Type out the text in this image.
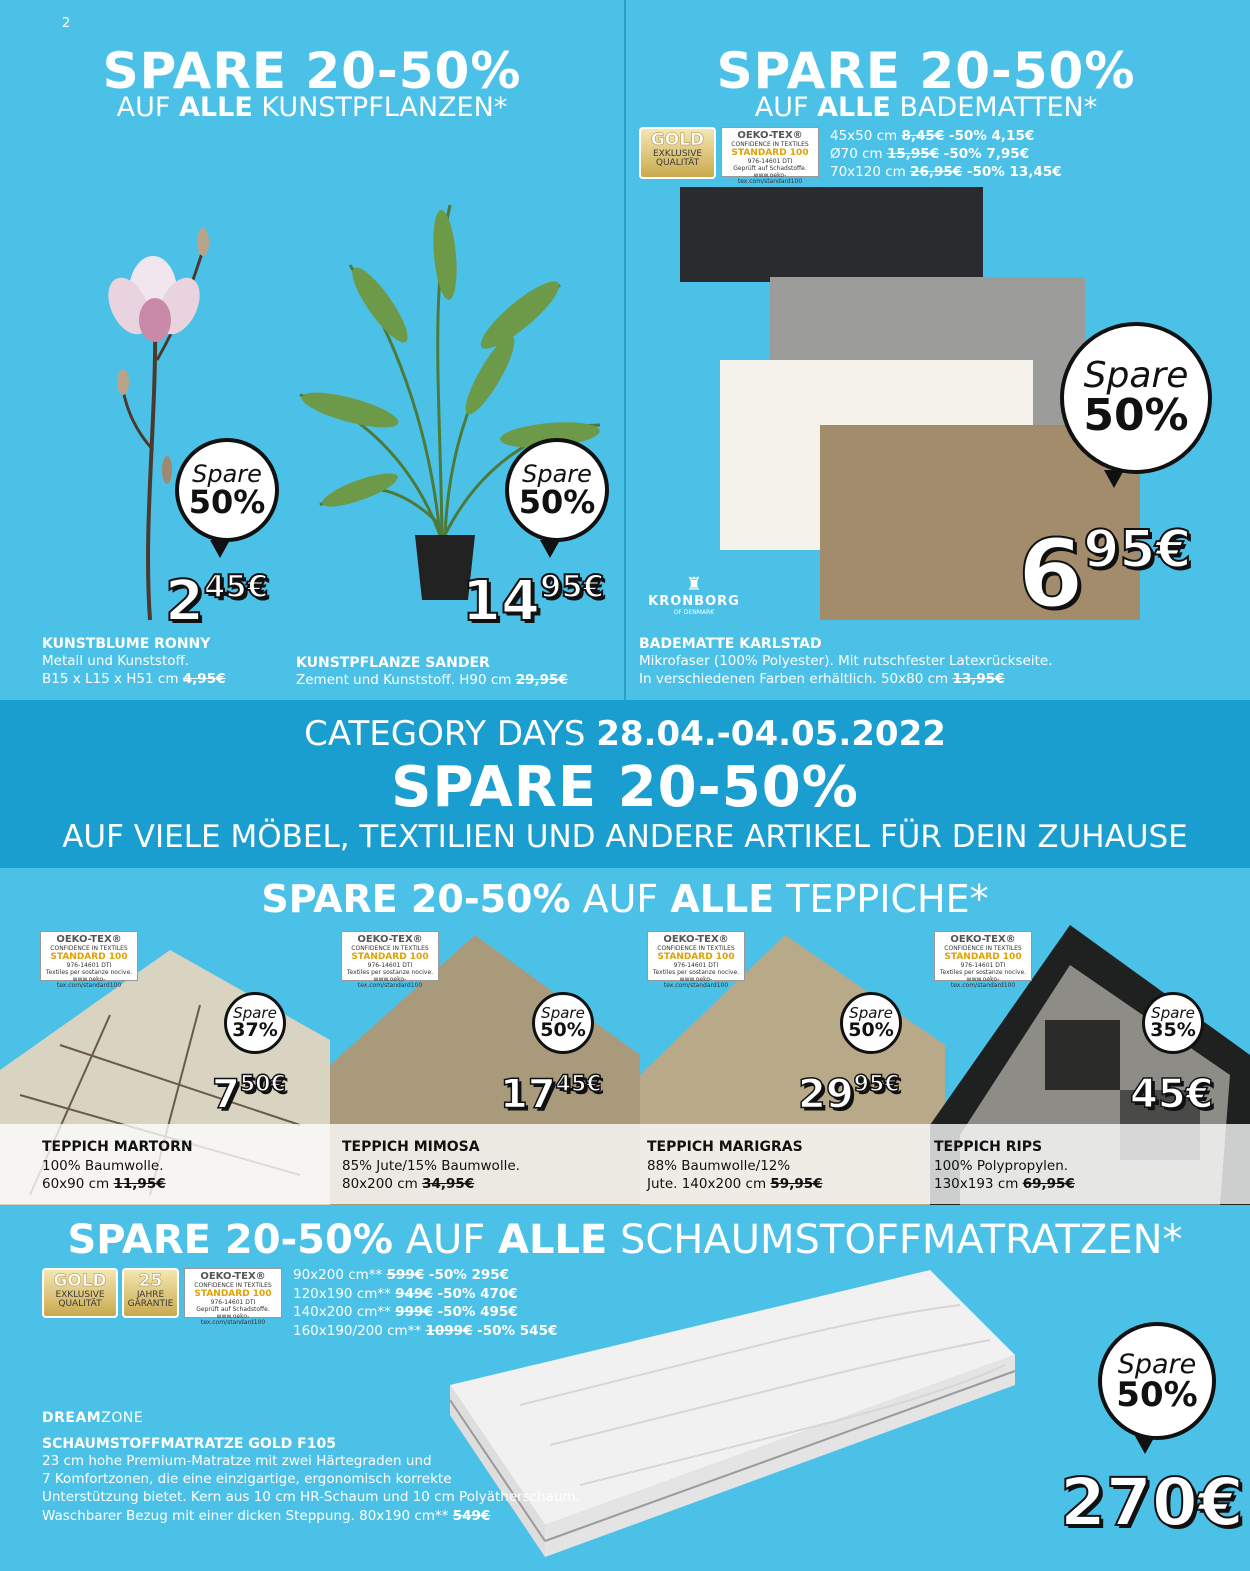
2
SPARE 20-50%
AUF ALLE KUNSTPFLANZEN*
Spare
50%
$2^{45€}$
Spare
50%
$14^{95€}$
KUNSTBLUME RONNY
Metall und Kunststoff.
B15 x L15 x H51 cm 4,95€
KUNSTPFLANZE SANDER
Zement und Kunststoff. H90 cm 29,95€
SPARE 20-50%
AUF ALLE BADEMATTEN*
GOLD
EXKLUSIVE
QUALITÄT
OEKO-TEX®
CONFIDENCE IN TEXTILES
STANDARD 100
976-14601 DTI
Geprüft auf Schadstoffe.
www.oeko-tex.com/standard100
45x50 cm 8,45€ -50% 4,15€
Ø70 cm 15,95€ -50% 7,95€
70x120 cm 26,95€ -50% 13,45€
Spare
50%
$6^{95€}$
♜
KRONBORG
OF DENMARK
BADEMATTE KARLSTAD
Mikrofaser (100% Polyester). Mit rutschfester Latexrückseite.
In verschiedenen Farben erhältlich. 50x80 cm 13,95€
CATEGORY DAYS 28.04.-04.05.2022
SPARE 20-50%
AUF VIELE MÖBEL, TEXTILIEN UND ANDERE ARTIKEL FÜR DEIN ZUHAUSE
SPARE 20-50% AUF ALLE TEPPICHE*
OEKO-TEX®
CONFIDENCE IN TEXTILES
STANDARD 100
976-14601 DTI
Textiles per sostanze nocive.
www.oeko-tex.com/standard100
OEKO-TEX®
CONFIDENCE IN TEXTILES
STANDARD 100
976-14601 DTI
Textiles per sostanze nocive.
www.oeko-tex.com/standard100
OEKO-TEX®
CONFIDENCE IN TEXTILES
STANDARD 100
976-14601 DTI
Textiles per sostanze nocive.
www.oeko-tex.com/standard100
OEKO-TEX®
CONFIDENCE IN TEXTILES
STANDARD 100
976-14601 DTI
Textiles per sostanze nocive.
www.oeko-tex.com/standard100
Spare
37%
Spare
50%
Spare
50%
Spare
35%
$7^{50€}$	$17^{45€}$	$29^{95€}$	45€
TEPPICH MARTORN
100% Baumwolle.
60x90 cm 11,95€
TEPPICH MIMOSA
85% Jute/15% Baumwolle.
80x200 cm 34,95€
TEPPICH MARIGRAS
88% Baumwolle/12%
Jute. 140x200 cm 59,95€
TEPPICH RIPS
100% Polypropylen.
130x193 cm 69,95€
SPARE 20-50% AUF ALLE SCHAUMSTOFFMATRATZEN*
GOLD
EXKLUSIVE
QUALITÄT
25
JAHRE
GARANTIE
OEKO-TEX®
CONFIDENCE IN TEXTILES
STANDARD 100
976-14601 DTI
Geprüft auf Schadstoffe.
www.oeko-tex.com/standard100
90x200 cm** 599€ -50% 295€
120x190 cm** 949€ -50% 470€
140x200 cm** 999€ -50% 495€
160x190/200 cm** 1099€ -50% 545€
DREAMZONE
SCHAUMSTOFFMATRATZE GOLD F105
23 cm hohe Premium-Matratze mit zwei Härtegraden und
7 Komfortzonen, die eine einzigartige, ergonomisch korrekte
Unterstützung bietet. Kern aus 10 cm HR-Schaum und 10 cm Polyätherschaum.
Waschbarer Bezug mit einer dicken Steppung. 80x190 cm** 549€
Spare
50%
270€
